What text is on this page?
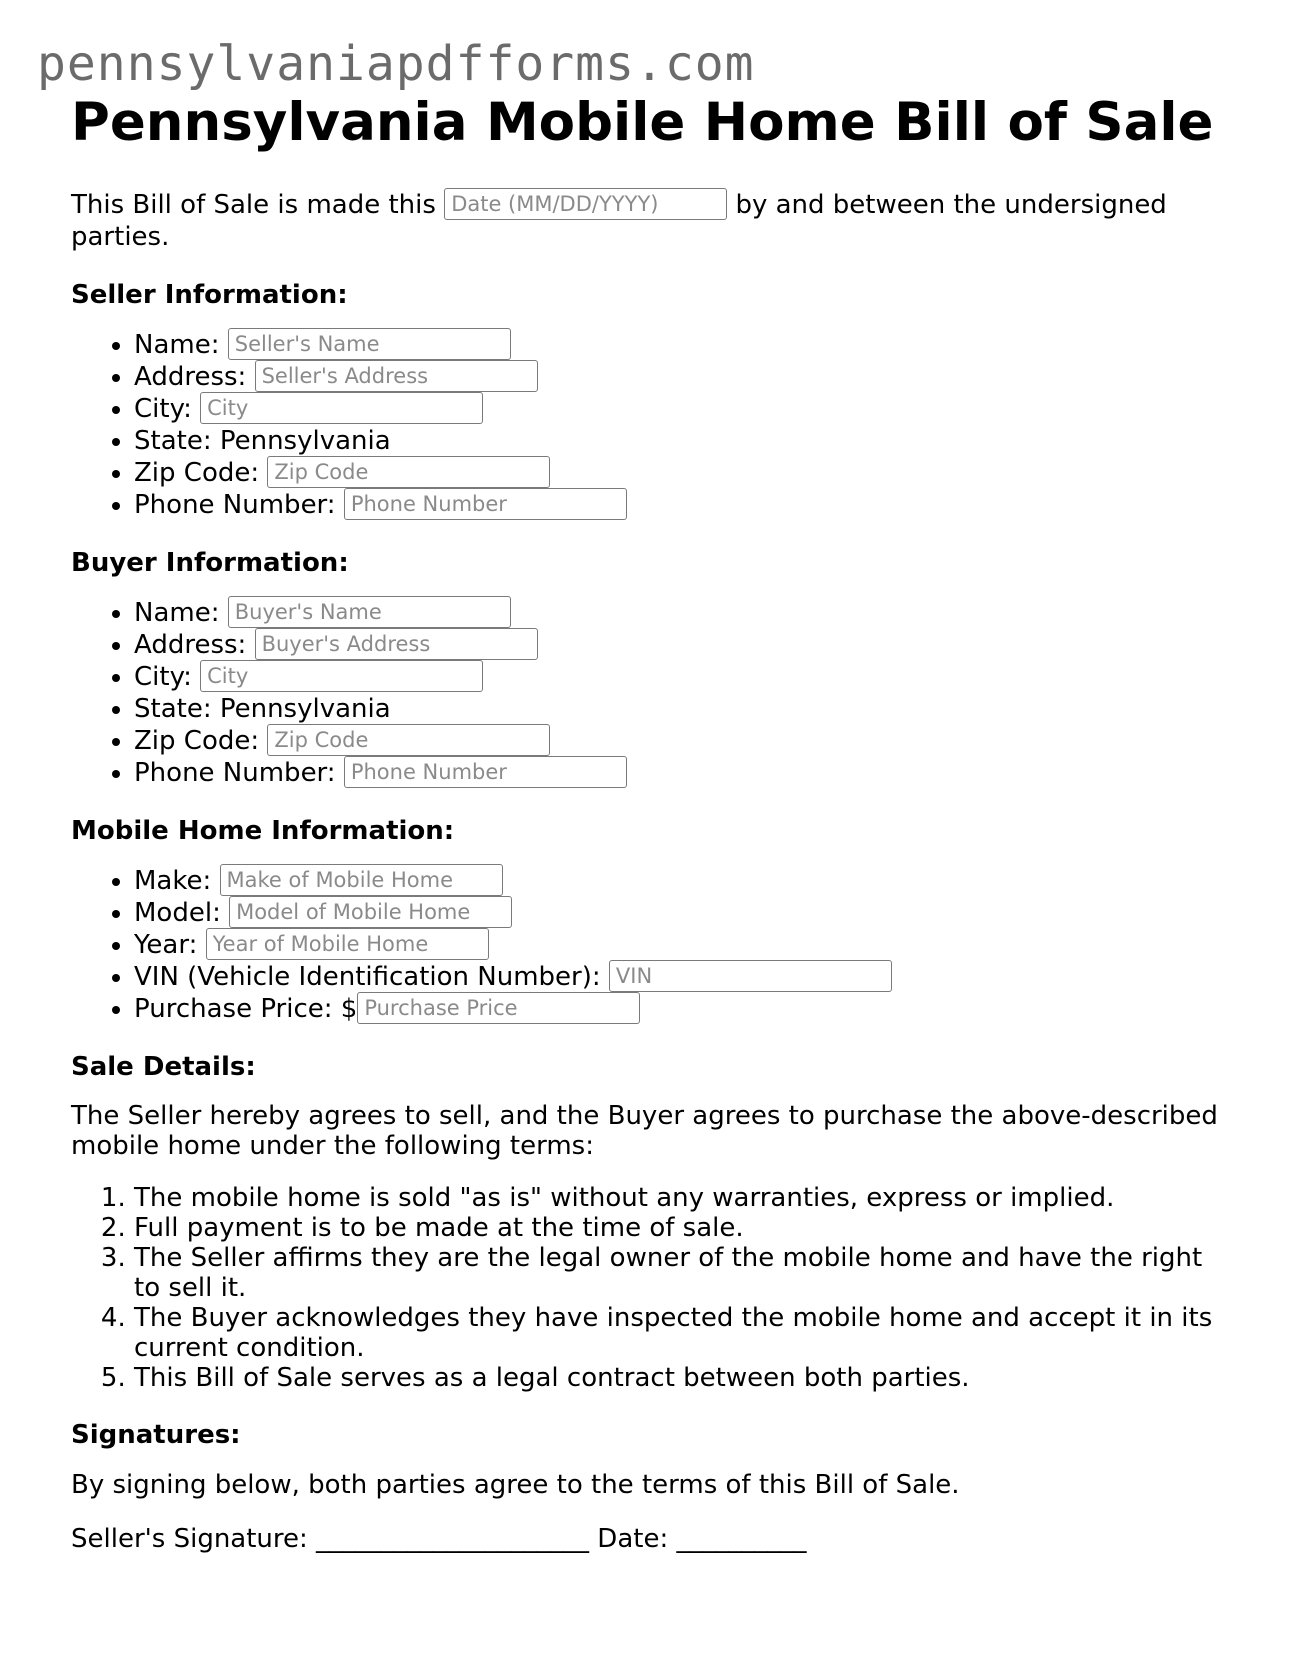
pennsylvaniapdfforms.com
Pennsylvania Mobile Home Bill of Sale

This Bill of Sale is made this Date (MM/DD/YYYY)	by and between the undersigned parties.

Seller Information:
• Name: Seller's Name
• Address: Seller's Address
• City: City
• State: Pennsylvania
• Zip Code: Zip Code
• Phone Number: Phone Number
Buyer Information:
• Name: Buyer's Name
• Address: Buyer's Address
• City: City
• State: Pennsylvania
• Zip Code: Zip Code
• Phone Number: Phone Number
Mobile Home Information:
• Make: Make of Mobile Home
• Model: Model of Mobile Home
• Year: Year of Mobile Home
• VIN (Vehicle Identification Number): VIN
• Purchase Price: $Purchase Price
Sale Details:

The Seller hereby agrees to sell, and the Buyer agrees to purchase the above-described mobile home under the following terms:

1. The mobile home is sold "as is" without any warranties, express or implied.
2. Full payment is to be made at the time of sale.
3. The Seller affirms they are the legal owner of the mobile home and have the right to sell it.
4. The Buyer acknowledges they have inspected the mobile home and accept it in its current condition.
5. This Bill of Sale serves as a legal contract between both parties.
Signatures:

By signing below, both parties agree to the terms of this Bill of Sale.

Seller's Signature: _____________________ Date: __________
